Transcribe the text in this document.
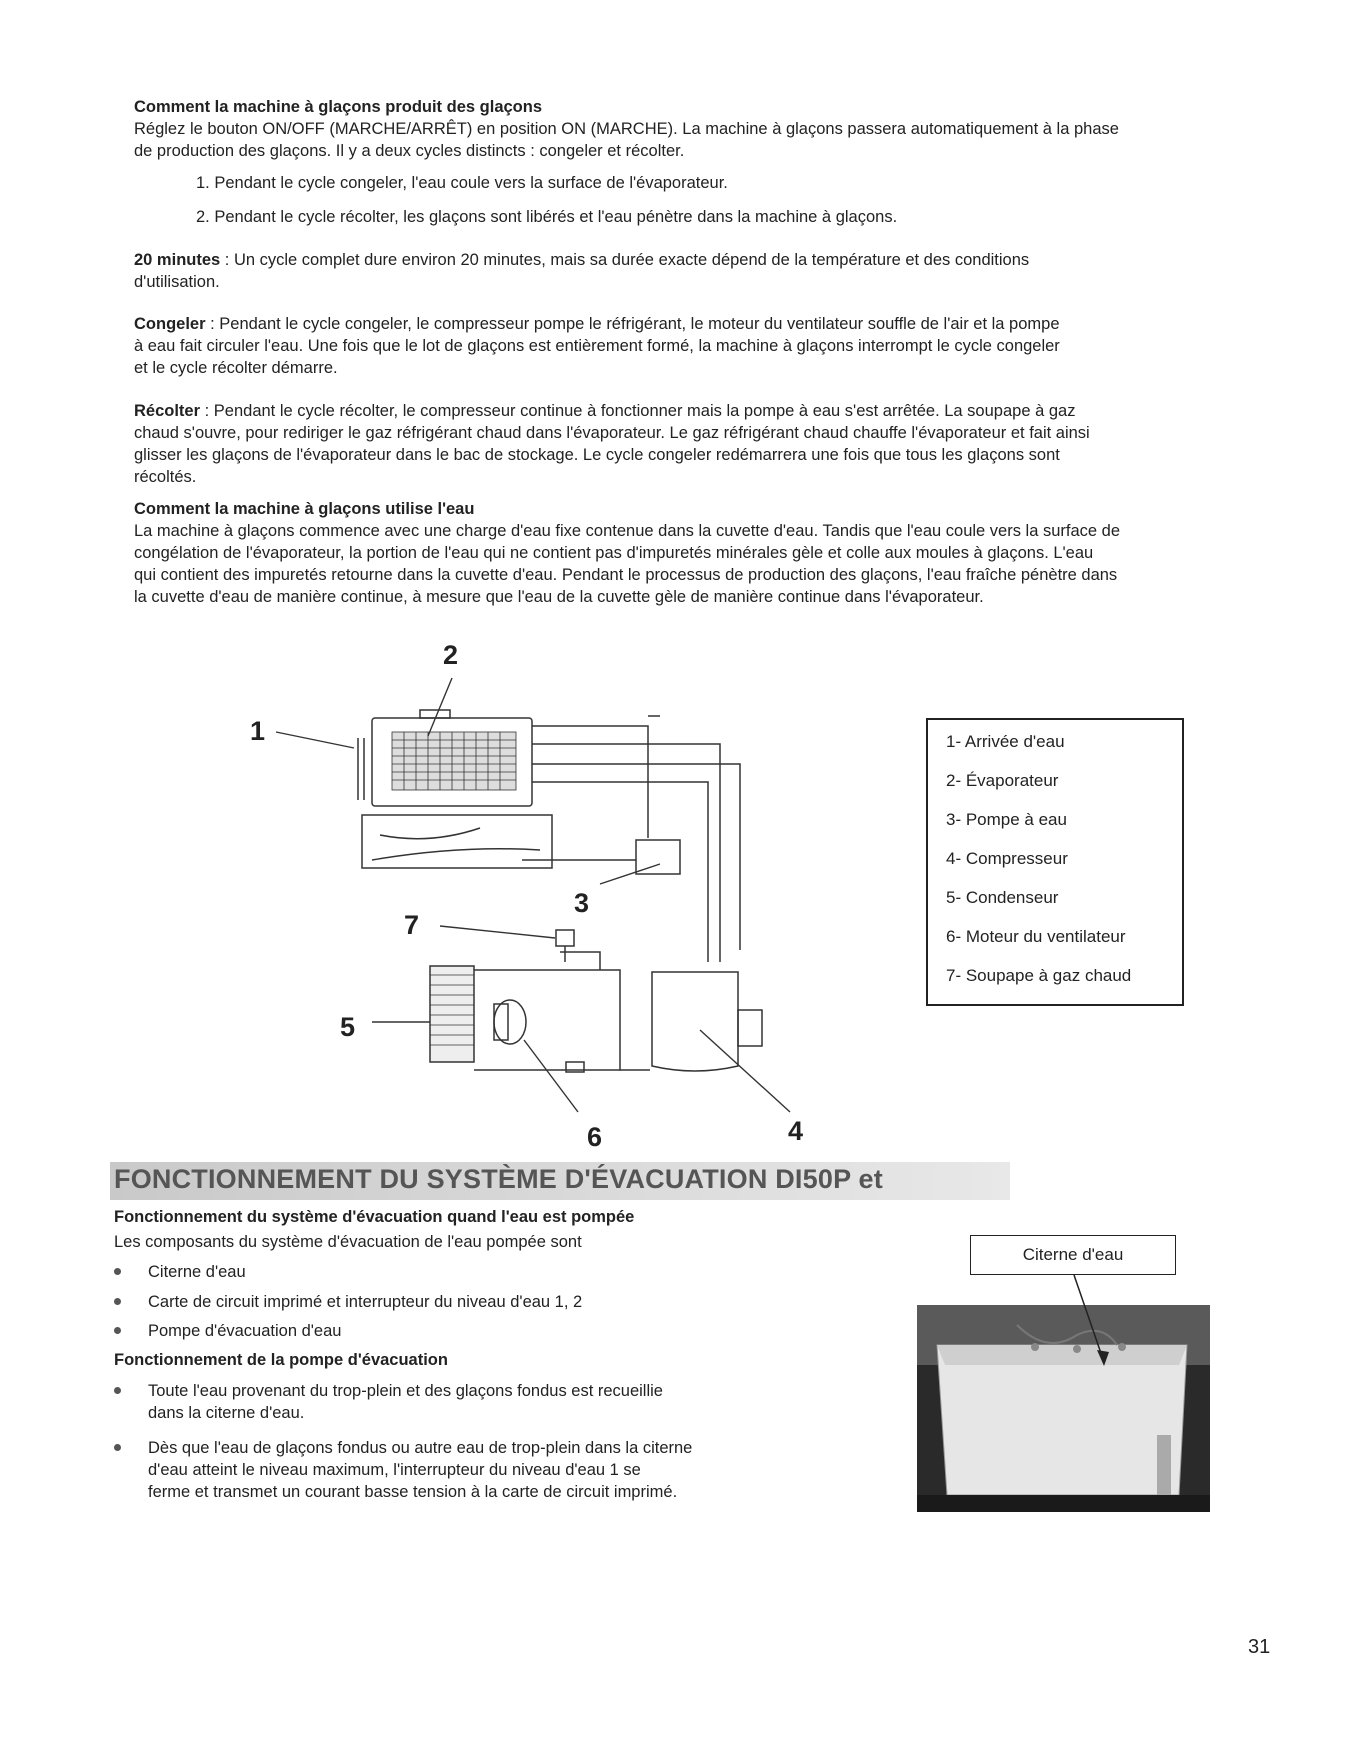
Comment la machine à glaçons produit des glaçons

Réglez le bouton ON/OFF (MARCHE/ARRÊT) en position ON (MARCHE). La machine à glaçons passera automatiquement à la phase

de production des glaçons. Il y a deux cycles distincts : congeler et récolter.

1. Pendant le cycle congeler, l'eau coule vers la surface de l'évaporateur.

2. Pendant le cycle récolter, les glaçons sont libérés et l'eau pénètre dans la machine à glaçons.

20 minutes : Un cycle complet dure environ 20 minutes, mais sa durée exacte dépend de la température et des conditions

d'utilisation.

Congeler : Pendant le cycle congeler, le compresseur pompe le réfrigérant, le moteur du ventilateur souffle de l'air et la pompe

à eau fait circuler l'eau. Une fois que le lot de glaçons est entièrement formé, la machine à glaçons interrompt le cycle congeler

et le cycle récolter démarre.

Récolter : Pendant le cycle récolter, le compresseur continue à fonctionner mais la pompe à eau s'est arrêtée. La soupape à gaz

chaud s'ouvre, pour rediriger le gaz réfrigérant chaud dans l'évaporateur. Le gaz réfrigérant chaud chauffe l'évaporateur et fait ainsi

glisser les glaçons de l'évaporateur dans le bac de stockage. Le cycle congeler redémarrera une fois que tous les glaçons sont

récoltés.

Comment la machine à glaçons utilise l'eau

La machine à glaçons commence avec une charge d'eau fixe contenue dans la cuvette d'eau. Tandis que l'eau coule vers la surface de

congélation de l'évaporateur, la portion de l'eau qui ne contient pas d'impuretés minérales gèle et colle aux moules à glaçons. L'eau

qui contient des impuretés retourne dans la cuvette d'eau. Pendant le processus de production des glaçons, l'eau fraîche pénètre dans

la cuvette d'eau de manière continue, à mesure que l'eau de la cuvette gèle de manière continue dans l'évaporateur.

1
2
3
4
5
6
7
1- Arrivée d'eau
2- Évaporateur
3- Pompe à eau
4- Compresseur
5- Condenseur
6- Moteur du ventilateur
7- Soupape à gaz chaud
FONCTIONNEMENT DU SYSTÈME D'ÉVACUATION DI50P et

Fonctionnement du système d'évacuation quand l'eau est pompée

Les composants du système d'évacuation de l'eau pompée sont

Citerne d'eau
Carte de circuit imprimé et interrupteur du niveau d'eau 1, 2
Pompe d'évacuation d'eau

Fonctionnement de la pompe d'évacuation

Toute l'eau provenant du trop-plein et des glaçons fondus est recueillie
dans la citerne d'eau.
Dès que l'eau de glaçons fondus ou autre eau de trop-plein dans la citerne
d'eau atteint le niveau maximum, l'interrupteur du niveau d'eau 1 se
ferme et transmet un courant basse tension à la carte de circuit imprimé.
Citerne d'eau
31
